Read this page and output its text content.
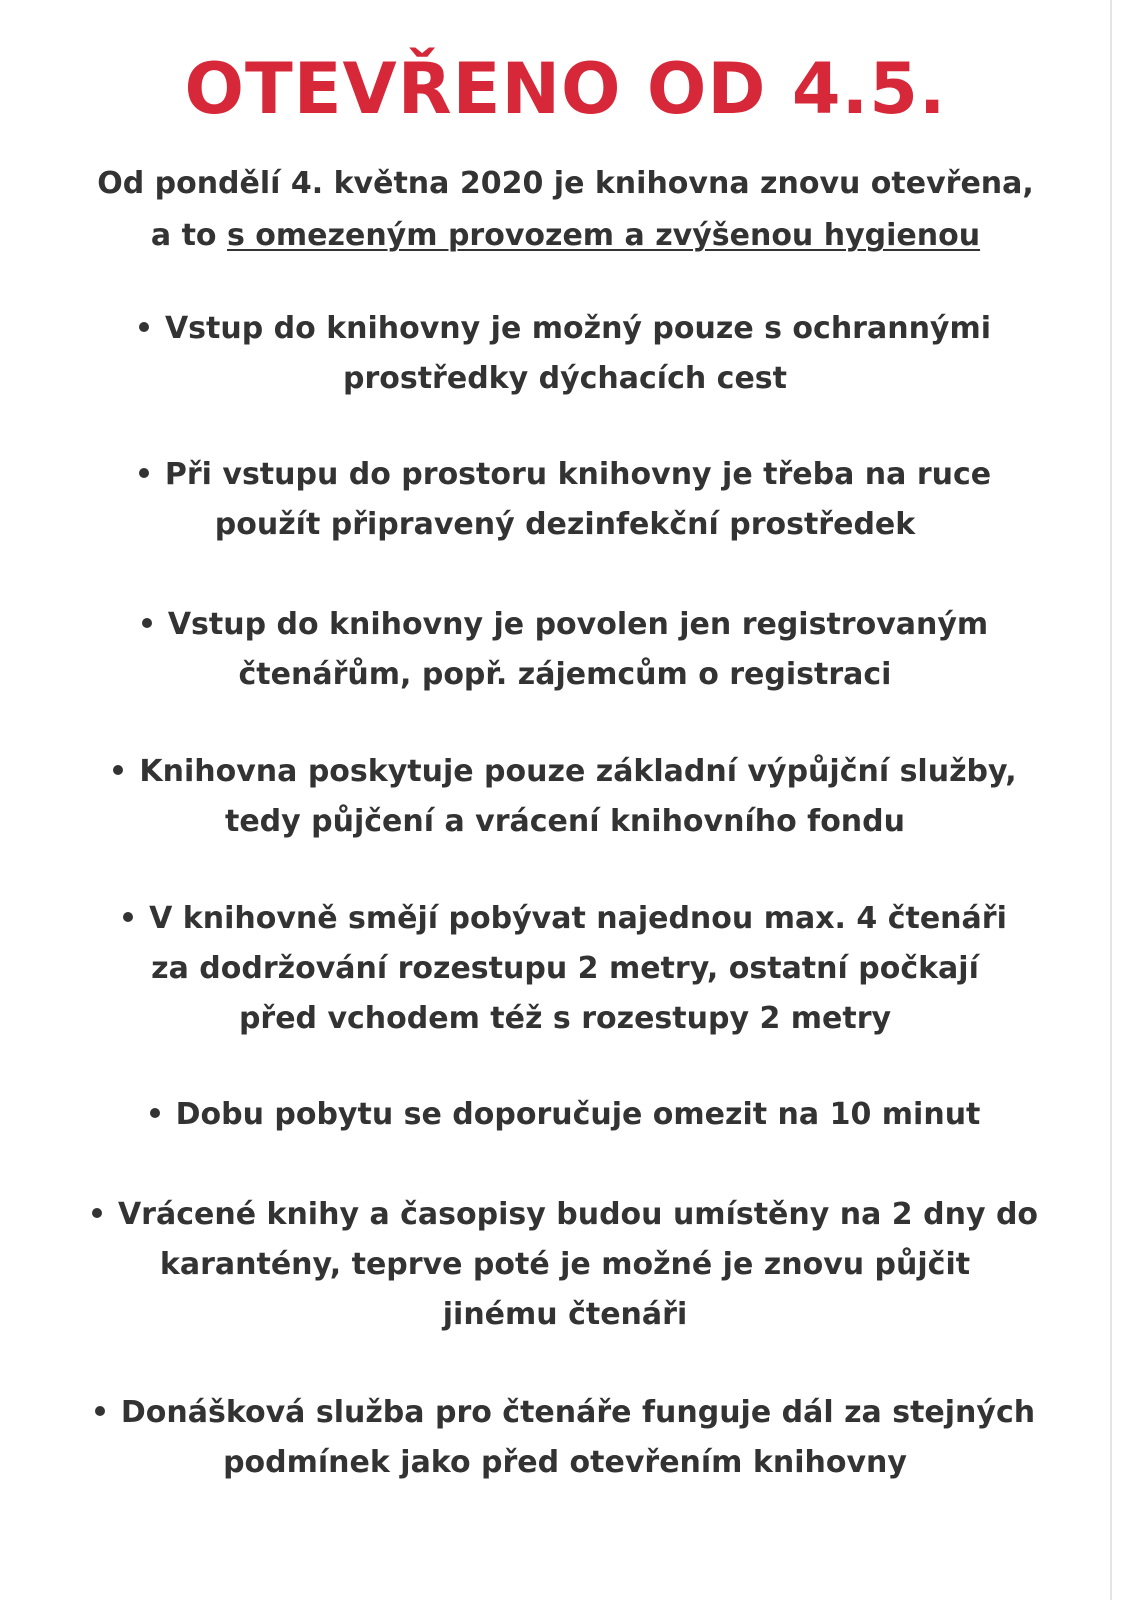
OTEVŘENO OD 4.5.
Od pondělí 4. května 2020 je knihovna znovu otevřena,
a to s omezeným provozem a zvýšenou hygienou
Vstup do knihovny je možný pouze s ochrannými
prostředky dýchacích cest
Při vstupu do prostoru knihovny je třeba na ruce
použít připravený dezinfekční prostředek
Vstup do knihovny je povolen jen registrovaným
čtenářům, popř. zájemcům o registraci
Knihovna poskytuje pouze základní výpůjční služby,
tedy půjčení a vrácení knihovního fondu
V knihovně smějí pobývat najednou max. 4 čtenáři
za dodržování rozestupu 2 metry, ostatní počkají
před vchodem též s rozestupy 2 metry
Dobu pobytu se doporučuje omezit na 10 minut
Vrácené knihy a časopisy budou umístěny na 2 dny do
karantény, teprve poté je možné je znovu půjčit
jinému čtenáři
Donášková služba pro čtenáře funguje dál za stejných
podmínek jako před otevřením knihovny
